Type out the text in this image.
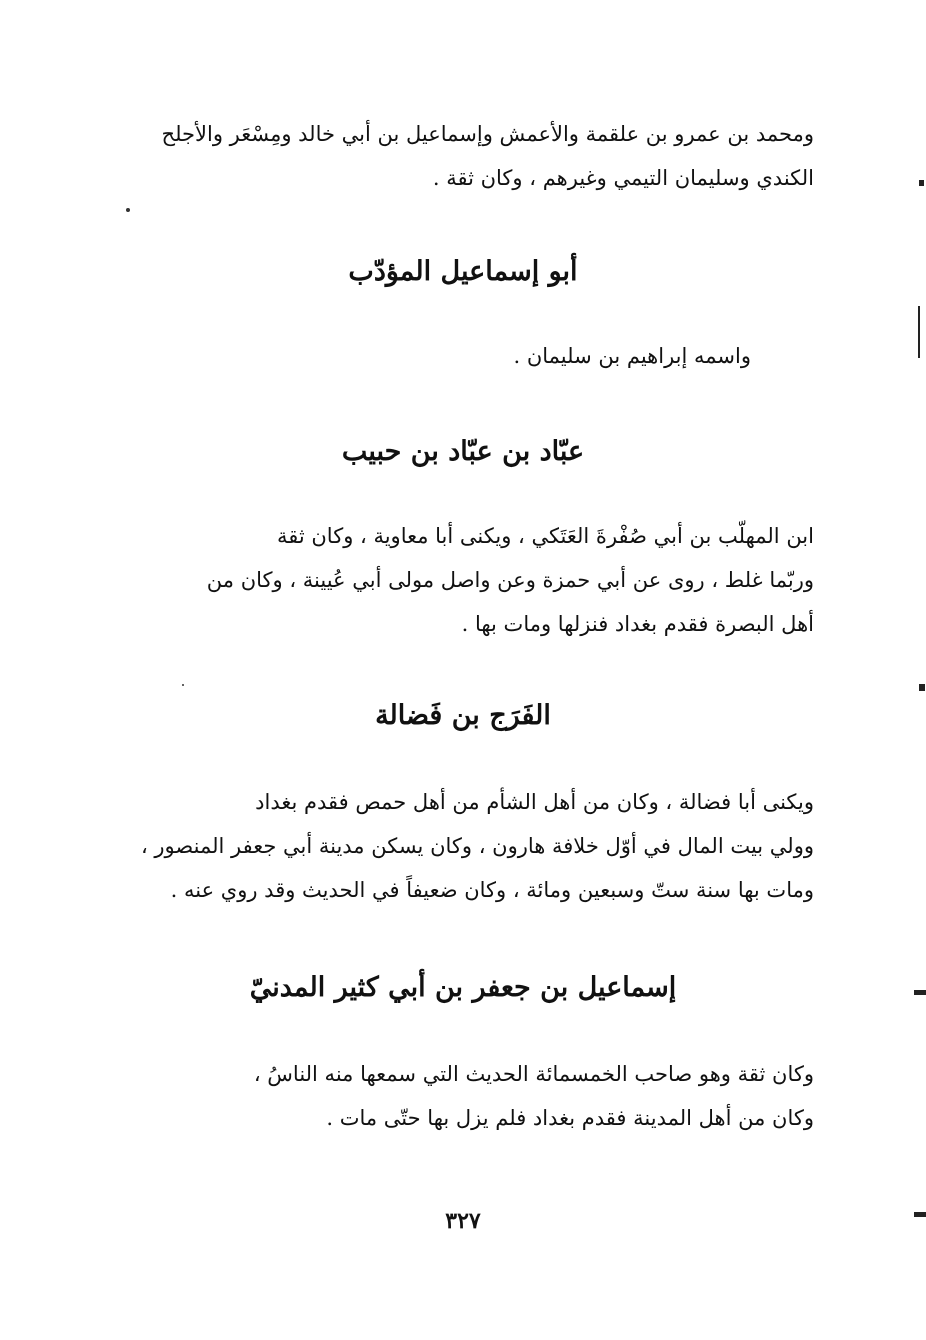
ومحمد بن عمرو بن علقمة والأعمش وإسماعيل بن أبي خالد ومِسْعَر والأجلح
الكندي وسليمان التيمي وغيرهم ، وكان ثقة .
أبو إسماعيل المؤدّب
واسمه إبراهيم بن سليمان .
عبّاد بن عبّاد بن حبيب
ابن المهلّب بن أبي صُفْرةَ العَتَكي ، ويكنى أبا معاوية ، وكان ثقة
وربّما غلط ، روى عن أبي حمزة وعن واصل مولى أبي عُيينة ، وكان من
أهل البصرة فقدم بغداد فنزلها ومات بها .
الفَرَج بن فَضالة
ويكنى أبا فضالة ، وكان من أهل الشأم من أهل حمص فقدم بغداد
وولي بيت المال في أوّل خلافة هارون ، وكان يسكن مدينة أبي جعفر المنصور ،
ومات بها سنة ستّ وسبعين ومائة ، وكان ضعيفاً في الحديث وقد روي عنه .
إسماعيل بن جعفر بن أبي كثير المدنيّ
وكان ثقة وهو صاحب الخمسمائة الحديث التي سمعها منه الناسُ ،
وكان من أهل المدينة فقدم بغداد فلم يزل بها حتّى مات .
٣٢٧
